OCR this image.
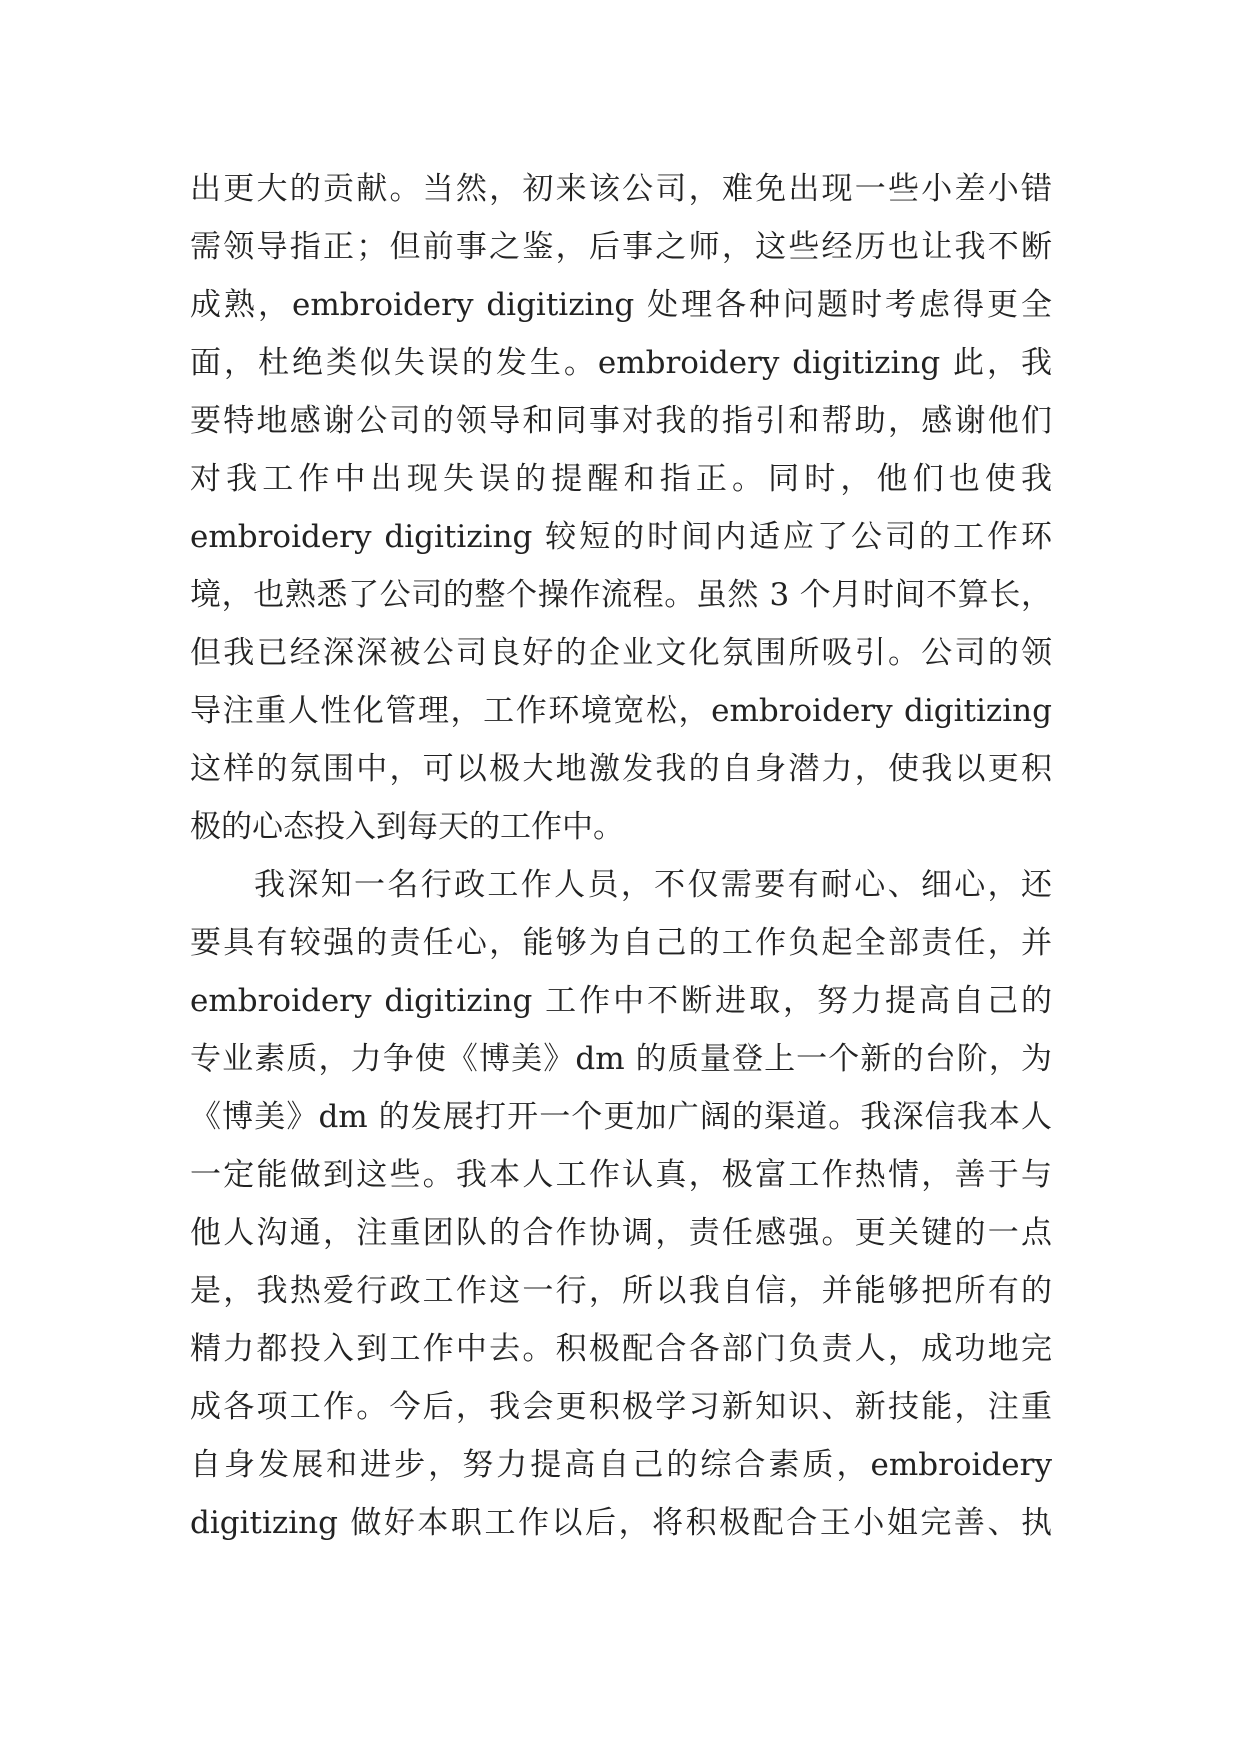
出更大的贡献。当然，初来该公司，难免出现一些小差小错
需领导指正；但前事之鉴，后事之师，这些经历也让我不断
成熟，embroidery digitizing 处理各种问题时考虑得更全
面，杜绝类似失误的发生。embroidery digitizing 此，我
要特地感谢公司的领导和同事对我的指引和帮助，感谢他们
对我工作中出现失误的提醒和指正。同时，他们也使我
embroidery digitizing 较短的时间内适应了公司的工作环
境，也熟悉了公司的整个操作流程。虽然 3 个月时间不算长，
但我已经深深被公司良好的企业文化氛围所吸引。公司的领
导注重人性化管理，工作环境宽松，embroidery digitizing
这样的氛围中，可以极大地激发我的自身潜力，使我以更积
极的心态投入到每天的工作中。
我深知一名行政工作人员，不仅需要有耐心、细心，还
要具有较强的责任心，能够为自己的工作负起全部责任，并
embroidery digitizing 工作中不断进取，努力提高自己的
专业素质，力争使《博美》dm 的质量登上一个新的台阶，为
《博美》dm 的发展打开一个更加广阔的渠道。我深信我本人
一定能做到这些。我本人工作认真，极富工作热情，善于与
他人沟通，注重团队的合作协调，责任感强。更关键的一点
是，我热爱行政工作这一行，所以我自信，并能够把所有的
精力都投入到工作中去。积极配合各部门负责人，成功地完
成各项工作。今后，我会更积极学习新知识、新技能，注重
自身发展和进步，努力提高自己的综合素质，embroidery
digitizing 做好本职工作以后，将积极配合王小姐完善、执
